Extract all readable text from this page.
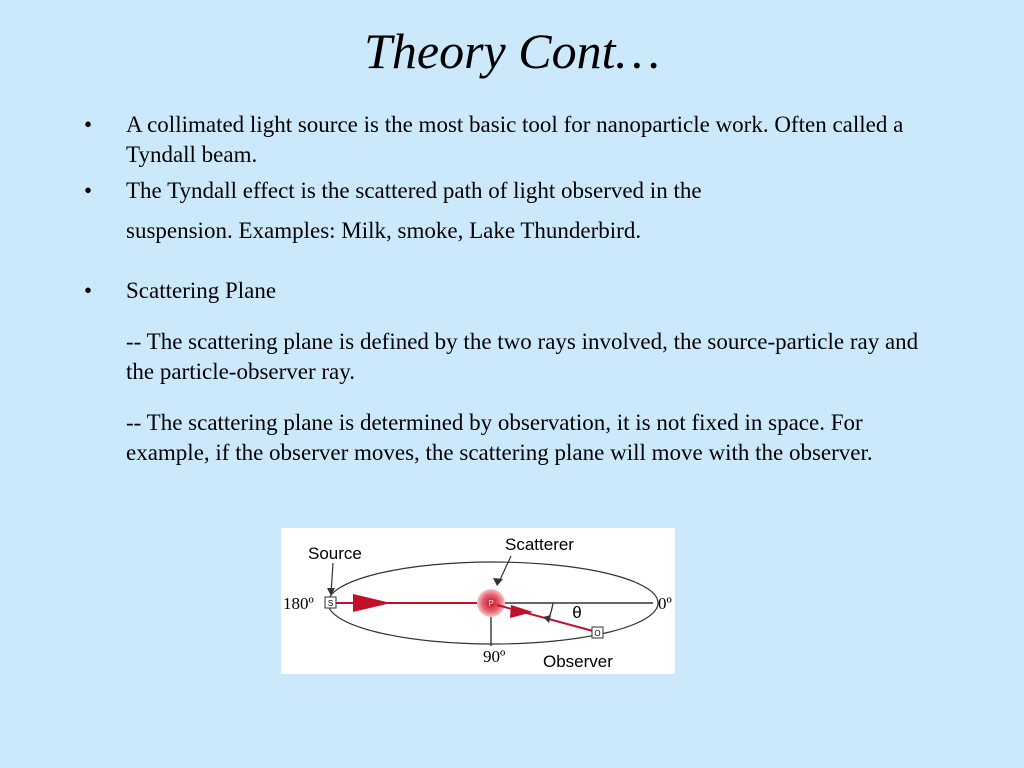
Theory Cont…
•	A collimated light source is the most basic tool for nanoparticle work. Often called a Tyndall beam.
•	The Tyndall effect is the scattered path of light observed in the
suspension. Examples: Milk, smoke, Lake Thunderbird.
•	Scattering Plane
-- The scattering plane is defined by the two rays involved, the source-particle ray and the particle-observer ray.
-- The scattering plane is determined by observation, it is not fixed in space. For example, if the observer moves, the scattering plane will move with the observer.
S	P
O
θ
Source	Scatterer
Observer
180º	0º
90º
